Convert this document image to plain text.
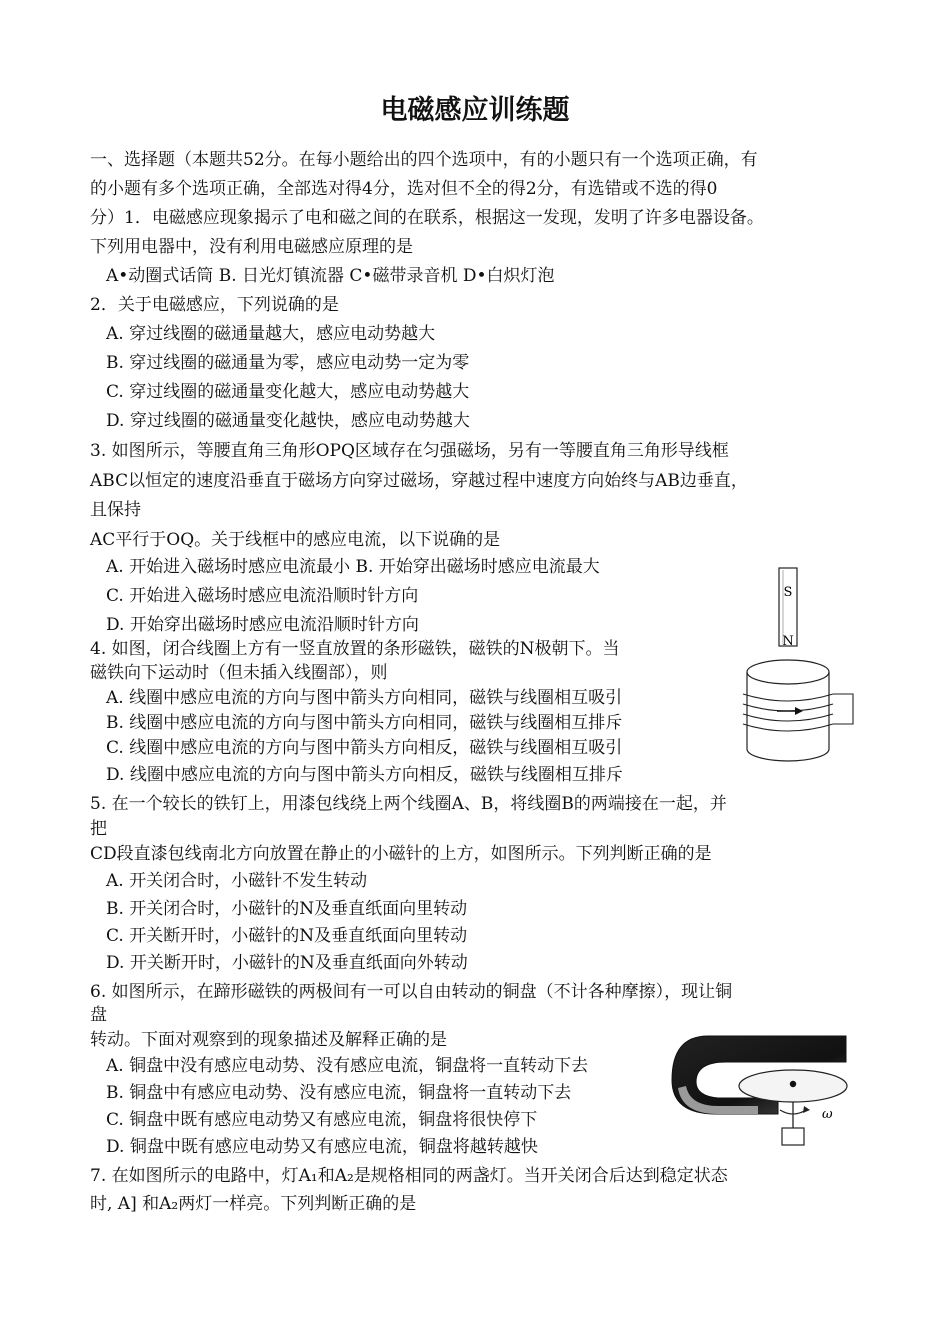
电磁感应训练题
一、选择题（本题共52分。在每小题给出的四个选项中，有的小题只有一个选项正确，有
的小题有多个选项正确，全部选对得4分，选对但不全的得2分，有选错或不选的得0
分）1．电磁感应现象揭示了电和磁之间的在联系，根据这一发现，发明了许多电器设备。
下列用电器中，没有利用电磁感应原理的是
A•动圈式话筒 B. 日光灯镇流器 C•磁带录音机 D•白炽灯泡
2．关于电磁感应，下列说确的是
A. 穿过线圈的磁通量越大，感应电动势越大
B. 穿过线圈的磁通量为零，感应电动势一定为零
C. 穿过线圈的磁通量变化越大，感应电动势越大
D. 穿过线圈的磁通量变化越快，感应电动势越大
3. 如图所示，等腰直角三角形OPQ区域存在匀强磁场，另有一等腰直角三角形导线框
ABC以恒定的速度沿垂直于磁场方向穿过磁场，穿越过程中速度方向始终与AB边垂直，
且保持
AC平行于OQ。关于线框中的感应电流，以下说确的是
A. 开始进入磁场时感应电流最小 B. 开始穿出磁场时感应电流最大
C. 开始进入磁场时感应电流沿顺时针方向
D. 开始穿出磁场时感应电流沿顺时针方向
4. 如图，闭合线圈上方有一竖直放置的条形磁铁，磁铁的N极朝下。当
磁铁向下运动时（但未插入线圈部），则
A. 线圈中感应电流的方向与图中箭头方向相同，磁铁与线圈相互吸引
B. 线圈中感应电流的方向与图中箭头方向相同，磁铁与线圈相互排斥
C. 线圈中感应电流的方向与图中箭头方向相反，磁铁与线圈相互吸引
D. 线圈中感应电流的方向与图中箭头方向相反，磁铁与线圈相互排斥
S
N
5. 在一个较长的铁钉上，用漆包线绕上两个线圈A、B，将线圈B的两端接在一起，并
把
CD段直漆包线南北方向放置在静止的小磁针的上方，如图所示。下列判断正确的是
A. 开关闭合时，小磁针不发生转动
B. 开关闭合时，小磁针的N及垂直纸面向里转动
C. 开关断开时，小磁针的N及垂直纸面向里转动
D. 开关断开时，小磁针的N及垂直纸面向外转动
6. 如图所示，在蹄形磁铁的两极间有一可以自由转动的铜盘（不计各种摩擦），现让铜
盘
转动。下面对观察到的现象描述及解释正确的是
A. 铜盘中没有感应电动势、没有感应电流，铜盘将一直转动下去
B. 铜盘中有感应电动势、没有感应电流，铜盘将一直转动下去
C. 铜盘中既有感应电动势又有感应电流，铜盘将很快停下
D. 铜盘中既有感应电动势又有感应电流，铜盘将越转越快
ω
7. 在如图所示的电路中，灯A₁和A₂是规格相同的两盏灯。当开关闭合后达到稳定状态
时, A] 和A₂两灯一样亮。下列判断正确的是
